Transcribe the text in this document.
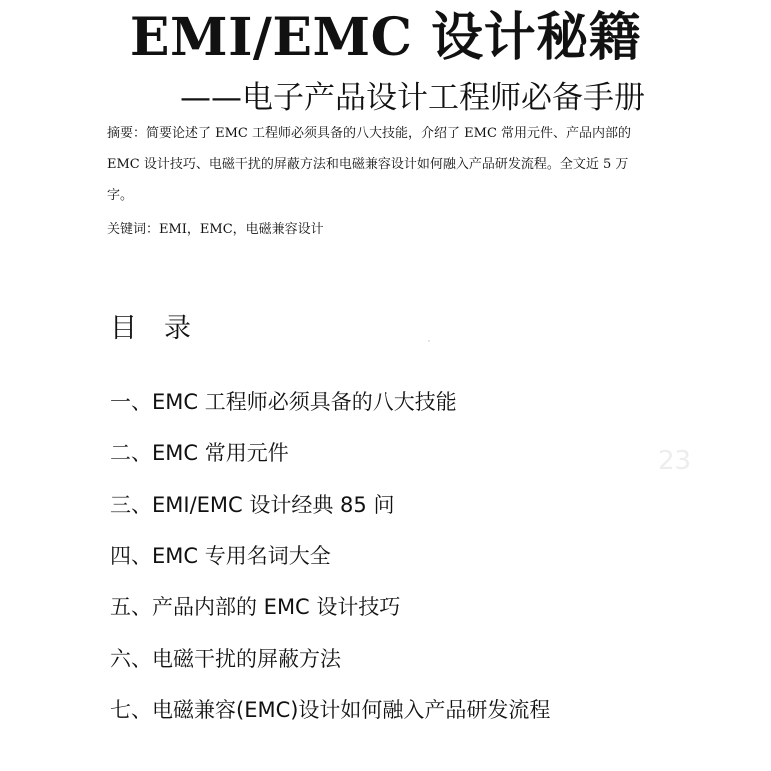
EMI/EMC 设计秘籍
——电子产品设计工程师必备手册
摘要：简要论述了 EMC 工程师必须具备的八大技能，介绍了 EMC 常用元件、产品内部的
EMC 设计技巧、电磁干扰的屏蔽方法和电磁兼容设计如何融入产品研发流程。全文近 5 万
字。
关键词：EMI，EMC，电磁兼容设计
目 录
一、EMC 工程师必须具备的八大技能
二、EMC 常用元件
三、EMI/EMC 设计经典 85 问
四、EMC 专用名词大全
五、产品内部的 EMC 设计技巧
六、电磁干扰的屏蔽方法
七、电磁兼容(EMC)设计如何融入产品研发流程
23
